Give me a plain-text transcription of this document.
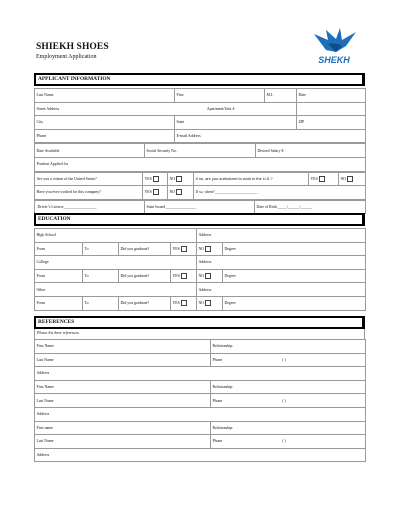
SHIEKH SHOES
Employment Application	SHEKH
APPLICANT INFORMATION
Last Name	First	M.I.	Date
Street Address Apartment/Unit #			
City	State		ZIP
Phone	E-mail Address		
Date Available	Social Security No.	Desired Salary $
Position Applied for
Are you a citizen of the United States?	YES	NO	If no, are you authorized to work in the U.S.?	YES	NO
Have you ever worked for this company?	YES	NO	If so, when?______________________		
Driver’s License_________________	State Issued________________	Date of Birth_____/______/______
EDUCATION
High School				Address	
From	To	Did you graduate?	YES	NO	Degree
College				Address	
From	To	Did you graduate?	YES	NO	Degree
Other				Address	
From	To	Did you graduate?	YES	NO	Degree
REFERENCES
Please list three references.
First Name	Relationship:
Last Name	Phone ( )
Address	
First Name	Relationship:
Last Name	Phone ( )
Address	
First name	Relationship:
Last Name	Phone ( )
Address	
